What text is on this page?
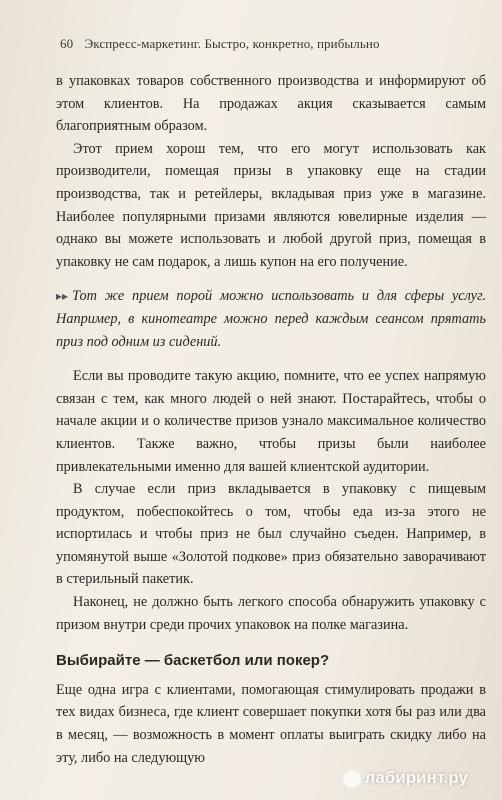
60 Экспресс-маркетинг. Быстро, конкретно, прибыльно

в упаковках товаров собственного производства и информируют об этом клиентов. На продажах акция сказывается самым благоприятным образом.

Этот прием хорош тем, что его могут использовать как производители, помещая призы в упаковку еще на стадии производства, так и ретейлеры, вкладывая приз уже в магазине. Наиболее популярными призами являются ювелирные изделия — однако вы можете использовать и любой другой приз, помещая в упаковку не сам подарок, а лишь купон на его получение.

▸▸ Тот же прием порой можно использовать и для сферы услуг. Например, в кинотеатре можно перед каждым сеансом прятать приз под одним из сидений.

Если вы проводите такую акцию, помните, что ее успех напрямую связан с тем, как много людей о ней знают. Постарайтесь, чтобы о начале акции и о количестве призов узнало максимальное количество клиентов. Также важно, чтобы призы были наиболее привлекательными именно для вашей клиентской аудитории.

В случае если приз вкладывается в упаковку с пищевым продуктом, побеспокойтесь о том, чтобы еда из-за этого не испортилась и чтобы приз не был случайно съеден. Например, в упомянутой выше «Золотой подкове» приз обязательно заворачивают в стерильный пакетик.

Наконец, не должно быть легкого способа обнаружить упаковку с призом внутри среди прочих упаковок на полке магазина.

Выбирайте — баскетбол или покер?

Еще одна игра с клиентами, помогающая стимулировать продажи в тех видах бизнеса, где клиент совершает покупки хотя бы раз или два в месяц, — возможность в момент оплаты выиграть скидку либо на эту, либо на следующую

лабиринт.ру
